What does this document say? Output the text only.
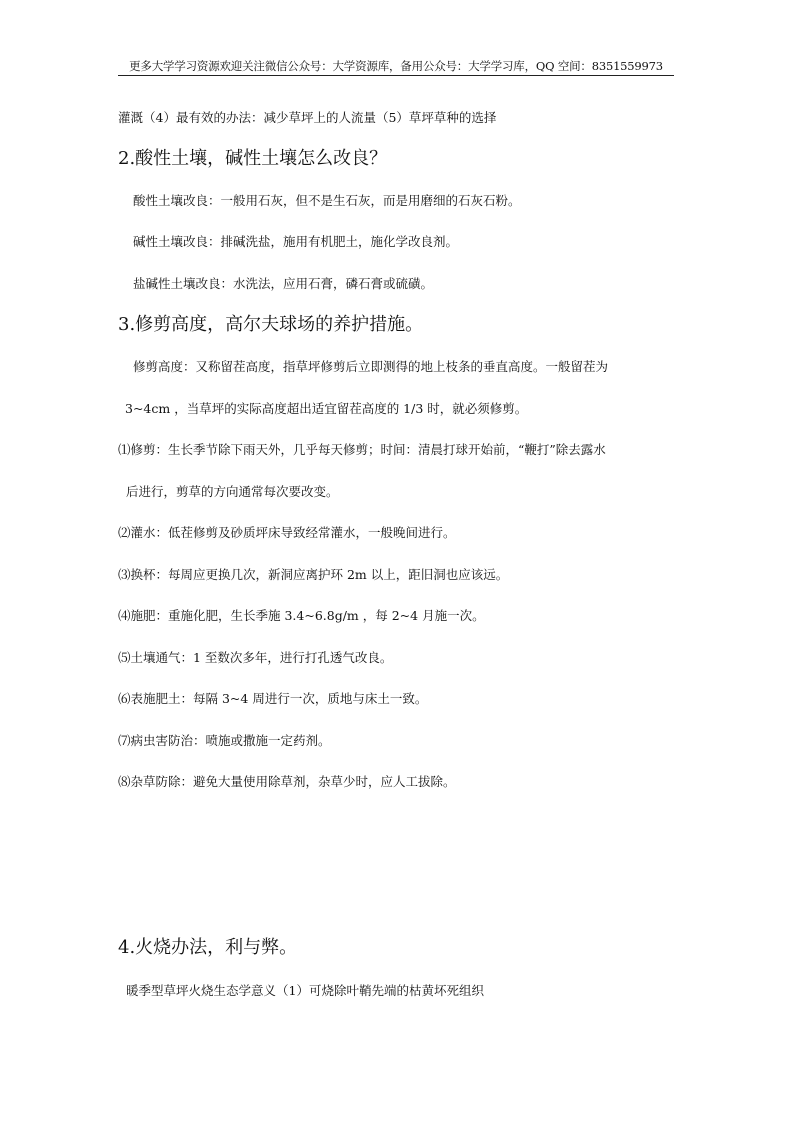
更多大学学习资源欢迎关注微信公众号：大学资源库，备用公众号：大学学习库，QQ 空间：8351559973
灌溉（4）最有效的办法：减少草坪上的人流量（5）草坪草种的选择
2.酸性土壤，碱性土壤怎么改良？
酸性土壤改良：一般用石灰，但不是生石灰，而是用磨细的石灰石粉。
碱性土壤改良：排碱洗盐，施用有机肥土，施化学改良剂。
盐碱性土壤改良：水洗法，应用石膏，磷石膏或硫磺。
3.修剪高度，高尔夫球场的养护措施。
修剪高度：又称留茬高度，指草坪修剪后立即测得的地上枝条的垂直高度。一般留茬为
3~4cm ，当草坪的实际高度超出适宜留茬高度的 1/3 时，就必须修剪。
⑴修剪：生长季节除下雨天外，几乎每天修剪；时间：清晨打球开始前，“鞭打”除去露水
后进行，剪草的方向通常每次要改变。
⑵灌水：低茬修剪及砂质坪床导致经常灌水，一般晚间进行。
⑶换杯：每周应更换几次，新洞应离护环 2m 以上，距旧洞也应该远。
⑷施肥：重施化肥，生长季施 3.4~6.8g/m ，每 2~4 月施一次。
⑸土壤通气：1 至数次多年，进行打孔透气改良。
⑹表施肥土：每隔 3~4 周进行一次，质地与床土一致。
⑺病虫害防治：喷施或撒施一定药剂。
⑻杂草防除：避免大量使用除草剂，杂草少时，应人工拔除。
4.火烧办法，利与弊。
暖季型草坪火烧生态学意义（1）可烧除叶鞘先端的枯黄坏死组织
